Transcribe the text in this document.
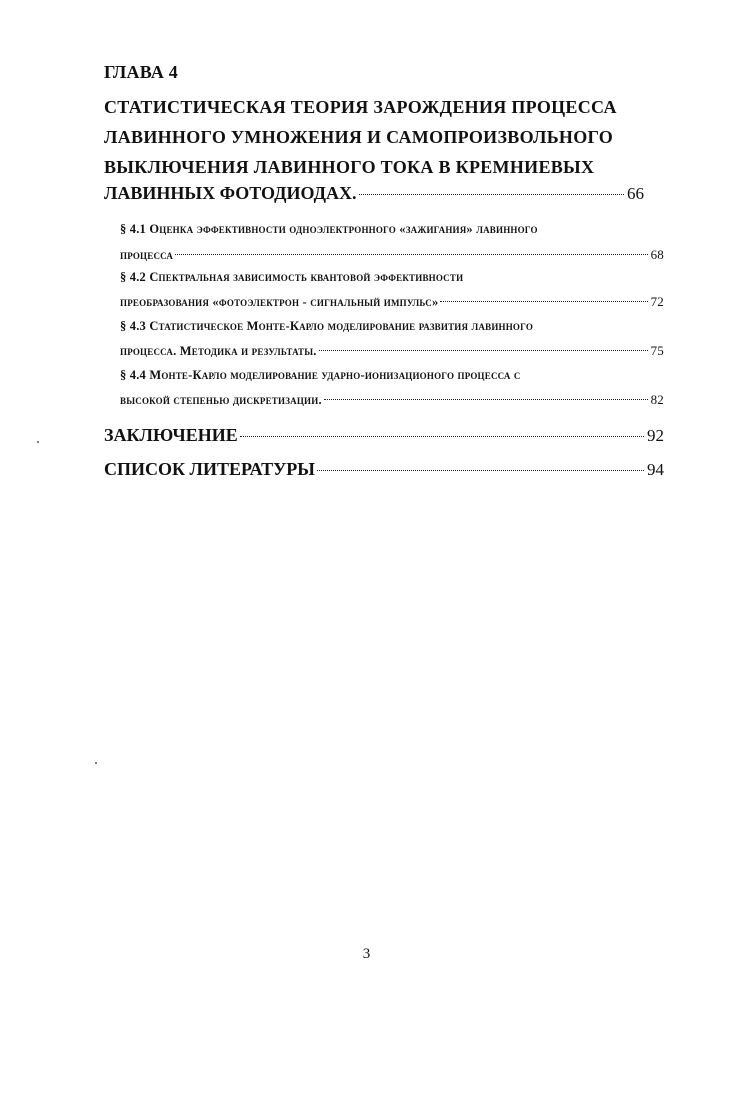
ГЛАВА 4
СТАТИСТИЧЕСКАЯ ТЕОРИЯ ЗАРОЖДЕНИЯ ПРОЦЕССА
ЛАВИННОГО УМНОЖЕНИЯ И САМОПРОИЗВОЛЬНОГО
ВЫКЛЮЧЕНИЯ ЛАВИННОГО ТОКА В КРЕМНИЕВЫХ
ЛАВИННЫХ ФОТОДИОДАХ.	66
§ 4.1 Оценка эффективности одноэлектронного «зажигания» лавинного
процесса	68
§ 4.2 Спектральная зависимость квантовой эффективности
преобразования «фотоэлектрон - сигнальный импульс»	72
§ 4.3 Статистическое Монте-Карло моделирование развития лавинного
процесса. Методика и результаты.	75
§ 4.4 Монте-Карло моделирование ударно-ионизационого процесса с
высокой степенью дискретизации.	82
ЗАКЛЮЧЕНИЕ	92
СПИСОК ЛИТЕРАТУРЫ	94
3
